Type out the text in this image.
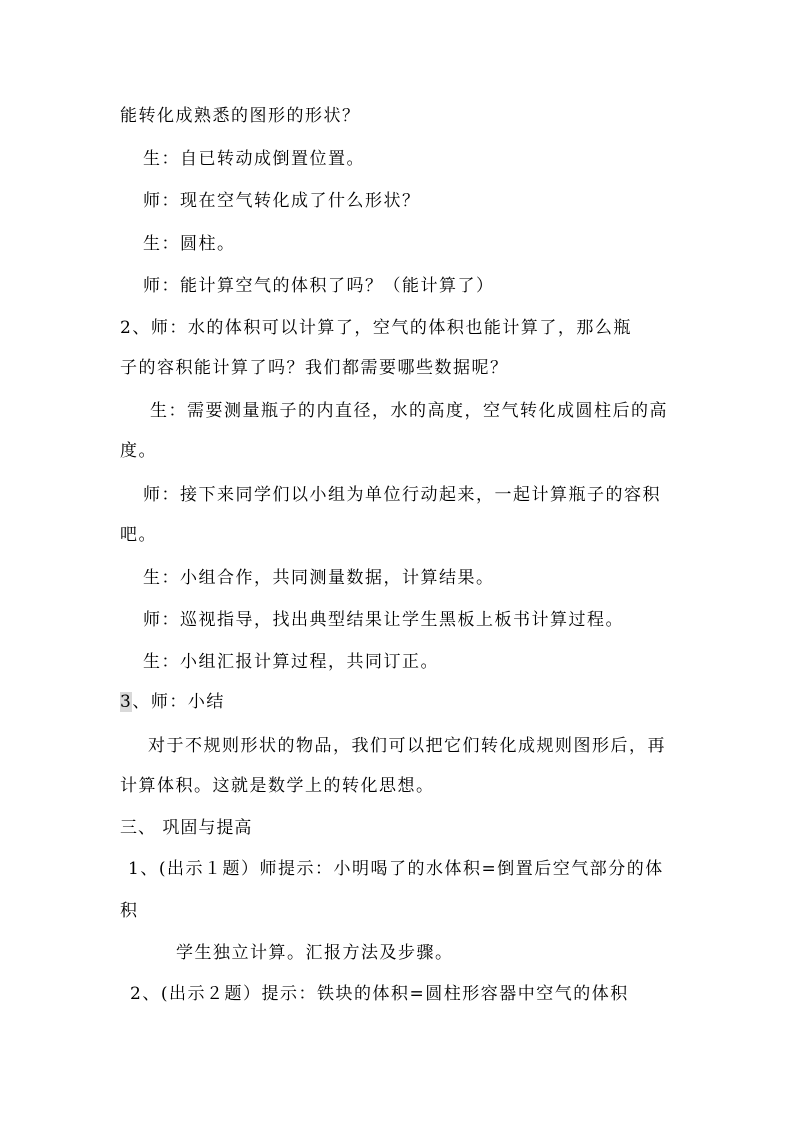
能转化成熟悉的图形的形状？
生：自已转动成倒置位置。
师：现在空气转化成了什么形状？
生：圆柱。
师：能计算空气的体积了吗？（能计算了）
2、师：水的体积可以计算了，空气的体积也能计算了，那么瓶
子的容积能计算了吗？我们都需要哪些数据呢？
生：需要测量瓶子的内直径，水的高度，空气转化成圆柱后的高
度。
师：接下来同学们以小组为单位行动起来，一起计算瓶子的容积
吧。
生：小组合作，共同测量数据，计算结果。
师：巡视指导，找出典型结果让学生黑板上板书计算过程。
生：小组汇报计算过程，共同订正。
3、师：小结
对于不规则形状的物品，我们可以把它们转化成规则图形后，再
计算体积。这就是数学上的转化思想。
三、 巩固与提高
1、(出示１题）师提示：小明喝了的水体积=倒置后空气部分的体
积
学生独立计算。汇报方法及步骤。
2、(出示２题）提示：铁块的体积=圆柱形容器中空气的体积
